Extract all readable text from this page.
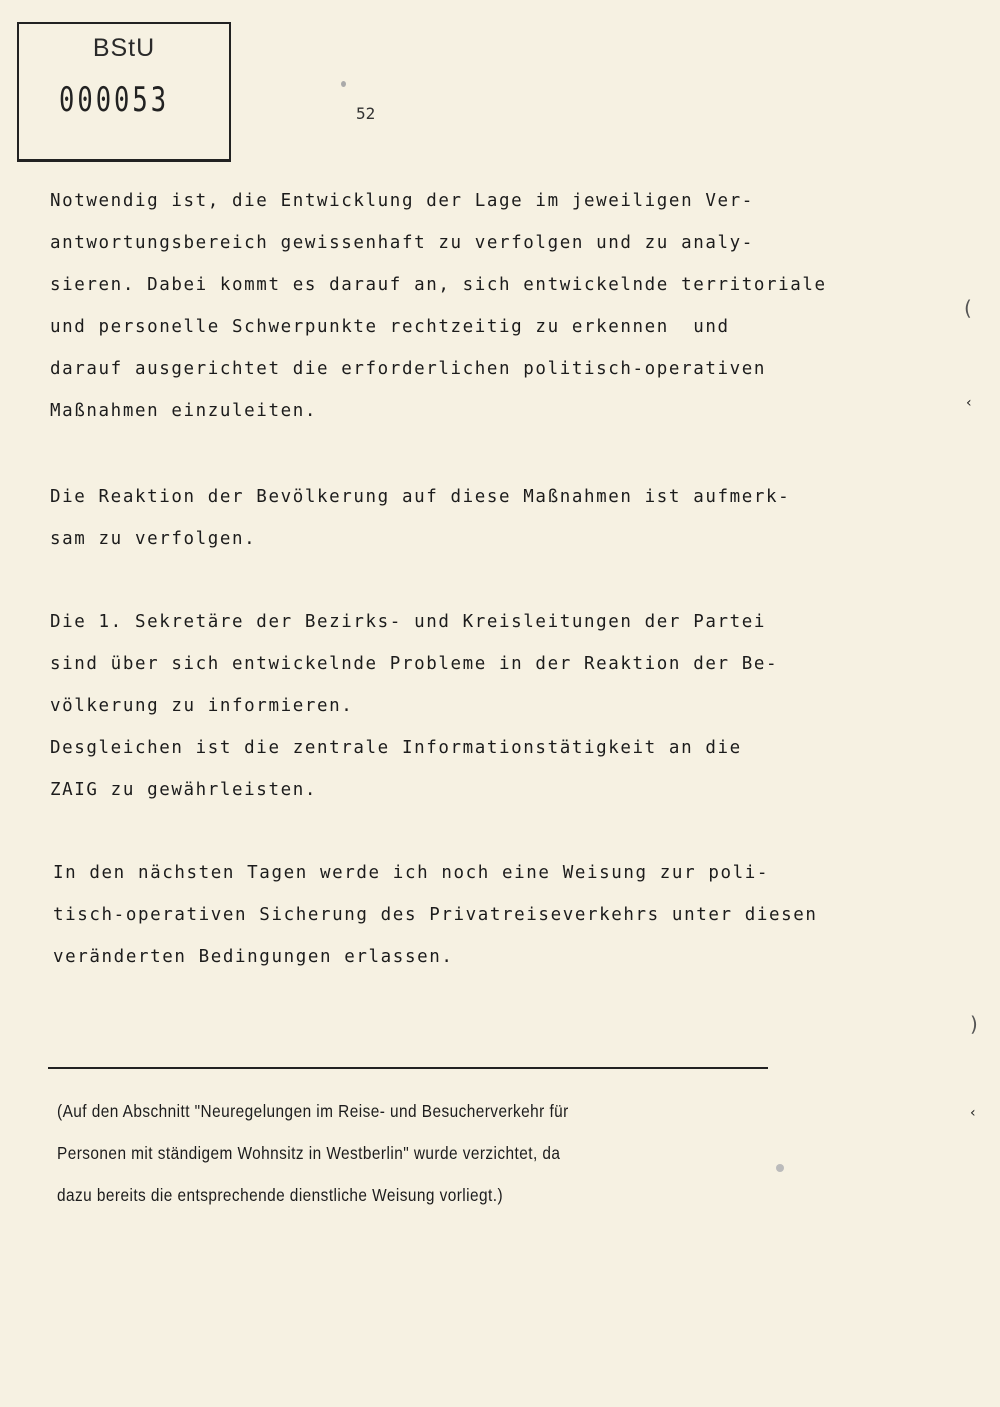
BStU
000053	52
Notwendig ist, die Entwicklung der Lage im jeweiligen Ver-
antwortungsbereich gewissenhaft zu verfolgen und zu analy-
sieren. Dabei kommt es darauf an, sich entwickelnde territoriale
und personelle Schwerpunkte rechtzeitig zu erkennen  und
darauf ausgerichtet die erforderlichen politisch-operativen
Maßnahmen einzuleiten.
Die Reaktion der Bevölkerung auf diese Maßnahmen ist aufmerk-
sam zu verfolgen.
Die 1. Sekretäre der Bezirks- und Kreisleitungen der Partei
sind über sich entwickelnde Probleme in der Reaktion der Be-
völkerung zu informieren.
Desgleichen ist die zentrale Informationstätigkeit an die
ZAIG zu gewährleisten.
In den nächsten Tagen werde ich noch eine Weisung zur poli-
tisch-operativen Sicherung des Privatreiseverkehrs unter diesen
veränderten Bedingungen erlassen.
(Auf den Abschnitt "Neuregelungen im Reise- und Besucherverkehr für
Personen mit ständigem Wohnsitz in Westberlin" wurde verzichtet, da
dazu bereits die entsprechende dienstliche Weisung vorliegt.)
(
‹
)
‹
